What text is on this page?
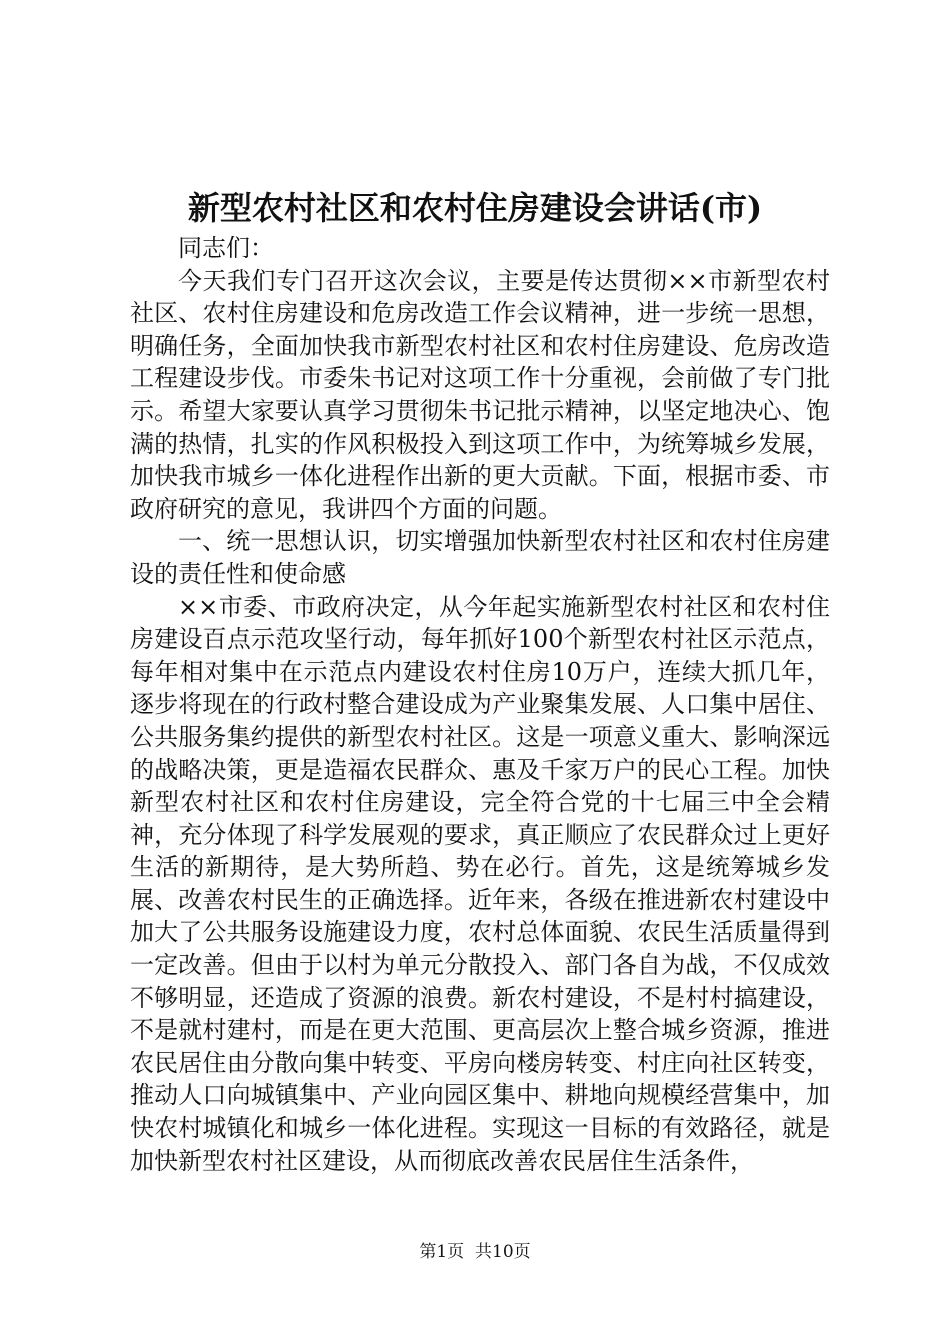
新型农村社区和农村住房建设会讲话(市)

同志们：

今天我们专门召开这次会议，主要是传达贯彻××市新型农村社区、农村住房建设和危房改造工作会议精神，进一步统一思想，明确任务，全面加快我市新型农村社区和农村住房建设、危房改造工程建设步伐。市委朱书记对这项工作十分重视，会前做了专门批示。希望大家要认真学习贯彻朱书记批示精神，以坚定地决心、饱满的热情，扎实的作风积极投入到这项工作中，为统筹城乡发展，加快我市城乡一体化进程作出新的更大贡献。下面，根据市委、市政府研究的意见，我讲四个方面的问题。

一、统一思想认识，切实增强加快新型农村社区和农村住房建设的责任性和使命感

××市委、市政府决定，从今年起实施新型农村社区和农村住房建设百点示范攻坚行动，每年抓好100个新型农村社区示范点，每年相对集中在示范点内建设农村住房10万户，连续大抓几年，逐步将现在的行政村整合建设成为产业聚集发展、人口集中居住、公共服务集约提供的新型农村社区。这是一项意义重大、影响深远的战略决策，更是造福农民群众、惠及千家万户的民心工程。加快新型农村社区和农村住房建设，完全符合党的十七届三中全会精神，充分体现了科学发展观的要求，真正顺应了农民群众过上更好生活的新期待，是大势所趋、势在必行。首先，这是统筹城乡发展、改善农村民生的正确选择。近年来，各级在推进新农村建设中加大了公共服务设施建设力度，农村总体面貌、农民生活质量得到一定改善。但由于以村为单元分散投入、部门各自为战，不仅成效不够明显，还造成了资源的浪费。新农村建设，不是村村搞建设，不是就村建村，而是在更大范围、更高层次上整合城乡资源，推进农民居住由分散向集中转变、平房向楼房转变、村庄向社区转变，推动人口向城镇集中、产业向园区集中、耕地向规模经营集中，加快农村城镇化和城乡一体化进程。实现这一目标的有效路径，就是加快新型农村社区建设，从而彻底改善农民居住生活条件，

第1页 共10页
